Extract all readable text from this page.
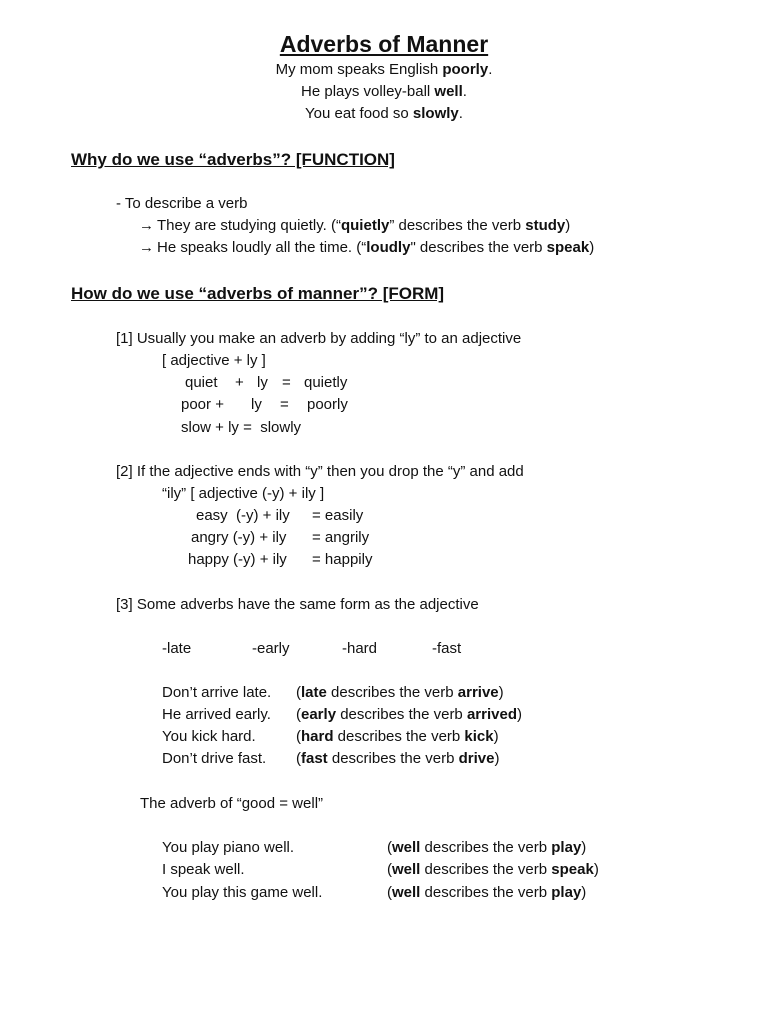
Adverbs of Manner
My mom speaks English poorly.
He plays volley-ball well.
You eat food so slowly.
Why do we use “adverbs”? [FUNCTION]
- To describe a verb
→ They are studying quietly. (“quietly” describes the verb study)
→ He speaks loudly all the time. (“loudly" describes the verb speak)
How do we use “adverbs of manner”? [FORM]
[1] Usually you make an adverb by adding “ly” to an adjective
[ adjective + ly ]
quiet + ly = quietly
poor + ly = poorly
slow + ly =  slowly
[2] If the adjective ends with “y” then you drop the “y” and add
“ily” [ adjective (-y) + ily ]
easy  (-y) + ily = easily
angry (-y) + ily = angrily
happy (-y) + ily = happily
[3] Some adverbs have the same form as the adjective
-late	-early	-hard	-fast
Don’t arrive late. (late describes the verb arrive)
He arrived early. (early describes the verb arrived)
You kick hard.	(hard describes the verb kick)
Don’t drive fast. (fast describes the verb drive)
The adverb of “good = well”
You play piano well.	(well describes the verb play)
I speak well.	(well describes the verb speak)
You play this game well.	(well describes the verb play)
